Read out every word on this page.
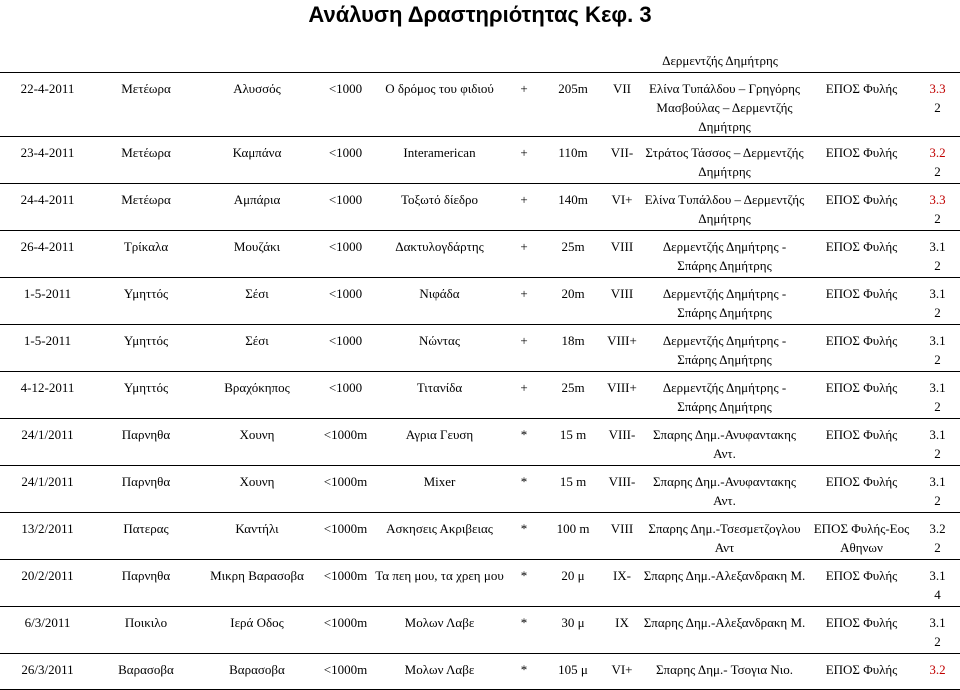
Ανάλυση Δραστηριότητας Κεφ. 3
Δερμεντζής Δημήτρης
22-4-2011	Μετέωρα	Αλυσσός	<1000	Ο δρόμος του φιδιού	+	205m	VII	Ελίνα Τυπάλδου – Γρηγόρης Μασβούλας – Δερμεντζής Δημήτρης	ΕΠΟΣ Φυλής	3.3
2
23-4-2011	Μετέωρα	Καμπάνα	<1000	Interamerican	+	110m	VII-	Στράτος Τάσσος – Δερμεντζής Δημήτρης	ΕΠΟΣ Φυλής	3.2
2
24-4-2011	Μετέωρα	Αμπάρια	<1000	Τοξωτό δίεδρο	+	140m	VI+	Ελίνα Τυπάλδου – Δερμεντζής Δημήτρης	ΕΠΟΣ Φυλής	3.3
2
26-4-2011	Τρίκαλα	Μουζάκι	<1000	Δακτυλογδάρτης	+	25m	VIII	Δερμεντζής Δημήτρης - Σπάρης Δημήτρης	ΕΠΟΣ Φυλής	3.1
2
1-5-2011	Υμηττός	Σέσι	<1000	Νιφάδα	+	20m	VIII	Δερμεντζής Δημήτρης - Σπάρης Δημήτρης	ΕΠΟΣ Φυλής	3.1
2
1-5-2011	Υμηττός	Σέσι	<1000	Νώντας	+	18m	VIII+	Δερμεντζής Δημήτρης - Σπάρης Δημήτρης	ΕΠΟΣ Φυλής	3.1
2
4-12-2011	Υμηττός	Βραχόκηπος	<1000	Τιτανίδα	+	25m	VIII+	Δερμεντζής Δημήτρης - Σπάρης Δημήτρης	ΕΠΟΣ Φυλής	3.1
2
24/1/2011	Παρνηθα	Χουνη	<1000m	Αγρια Γευση	*	15 m	VIII-	Σπαρης Δημ.-Ανυφαντακης Αντ.	ΕΠΟΣ Φυλής	3.1
2
24/1/2011	Παρνηθα	Χουνη	<1000m	Mixer	*	15 m	VIII-	Σπαρης Δημ.-Ανυφαντακης Αντ.	ΕΠΟΣ Φυλής	3.1
2
13/2/2011	Πατερας	Καντήλι	<1000m	Ασκησεις Ακριβειας	*	100 m	VIII	Σπαρης Δημ.-Τσεσμετζογλου Αντ	ΕΠΟΣ Φυλής-Εος Αθηνων	3.2
2
20/2/2011	Παρνηθα	Μικρη Βαρασοβα	<1000m	Τα πεη μου, τα χρεη μου	*	20 μ	IX-	Σπαρης Δημ.-Αλεξανδρακη Μ.	ΕΠΟΣ Φυλής	3.1
4
6/3/2011	Ποικιλο	Ιερά Οδος	<1000m	Μολων Λαβε	*	30 μ	IX	Σπαρης Δημ.-Αλεξανδρακη Μ.	ΕΠΟΣ Φυλής	3.1
2
26/3/2011	Βαρασοβα	Βαρασοβα	<1000m	Μολων Λαβε	*	105 μ	VI+	Σπαρης Δημ.- Τσογια Νιο.	ΕΠΟΣ Φυλής	3.2
